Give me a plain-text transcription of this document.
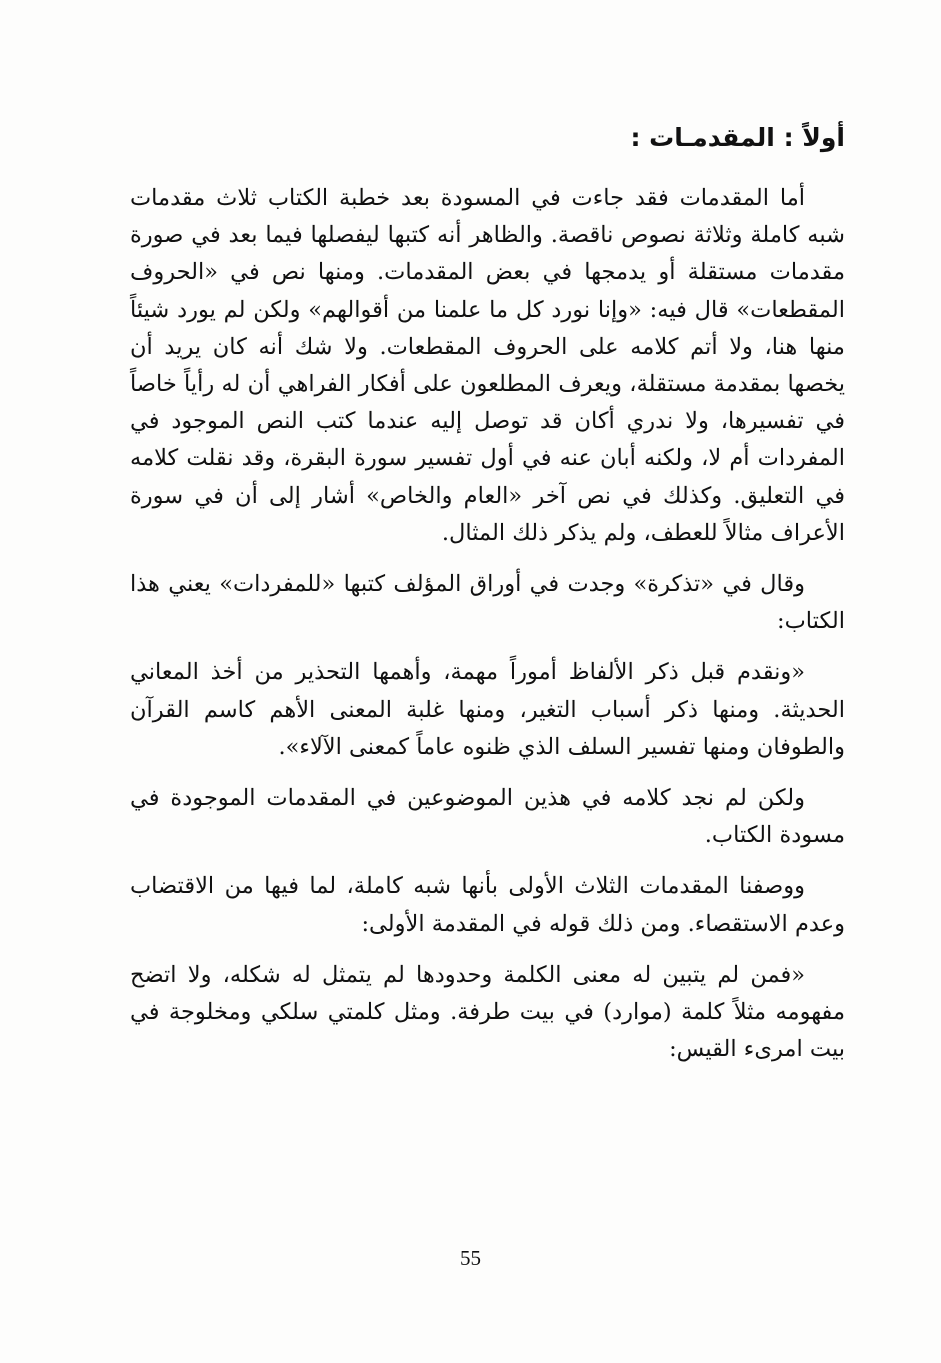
أولاً : المقدمـات :

أما المقدمات فقد جاءت في المسودة بعد خطبة الكتاب ثلاث مقدمات شبه كاملة وثلاثة نصوص ناقصة. والظاهر أنه كتبها ليفصلها فيما بعد في صورة مقدمات مستقلة أو يدمجها في بعض المقدمات. ومنها نص في «الحروف المقطعات» قال فيه: «وإنا نورد كل ما علمنا من أقوالهم» ولكن لم يورد شيئاً منها هنا، ولا أتم كلامه على الحروف المقطعات. ولا شك أنه كان يريد أن يخصها بمقدمة مستقلة، ويعرف المطلعون على أفكار الفراهي أن له رأياً خاصاً في تفسيرها، ولا ندري أكان قد توصل إليه عندما كتب النص الموجود في المفردات أم لا، ولكنه أبان عنه في أول تفسير سورة البقرة، وقد نقلت كلامه في التعليق. وكذلك في نص آخر «العام والخاص» أشار إلى أن في سورة الأعراف مثالاً للعطف، ولم يذكر ذلك المثال.

وقال في «تذكرة» وجدت في أوراق المؤلف كتبها «للمفردات» يعني هذا الكتاب:

«ونقدم قبل ذكر الألفاظ أموراً مهمة، وأهمها التحذير من أخذ المعاني الحديثة. ومنها ذكر أسباب التغير، ومنها غلبة المعنى الأهم كاسم القرآن والطوفان ومنها تفسير السلف الذي ظنوه عاماً كمعنى الآلاء».

ولكن لم نجد كلامه في هذين الموضوعين في المقدمات الموجودة في مسودة الكتاب.

ووصفنا المقدمات الثلاث الأولى بأنها شبه كاملة، لما فيها من الاقتضاب وعدم الاستقصاء. ومن ذلك قوله في المقدمة الأولى:

«فمن لم يتبين له معنى الكلمة وحدودها لم يتمثل له شكله، ولا اتضح مفهومه مثلاً كلمة (موارد) في بيت طرفة. ومثل كلمتي سلكي ومخلوجة في بيت امرىء القيس:

55
